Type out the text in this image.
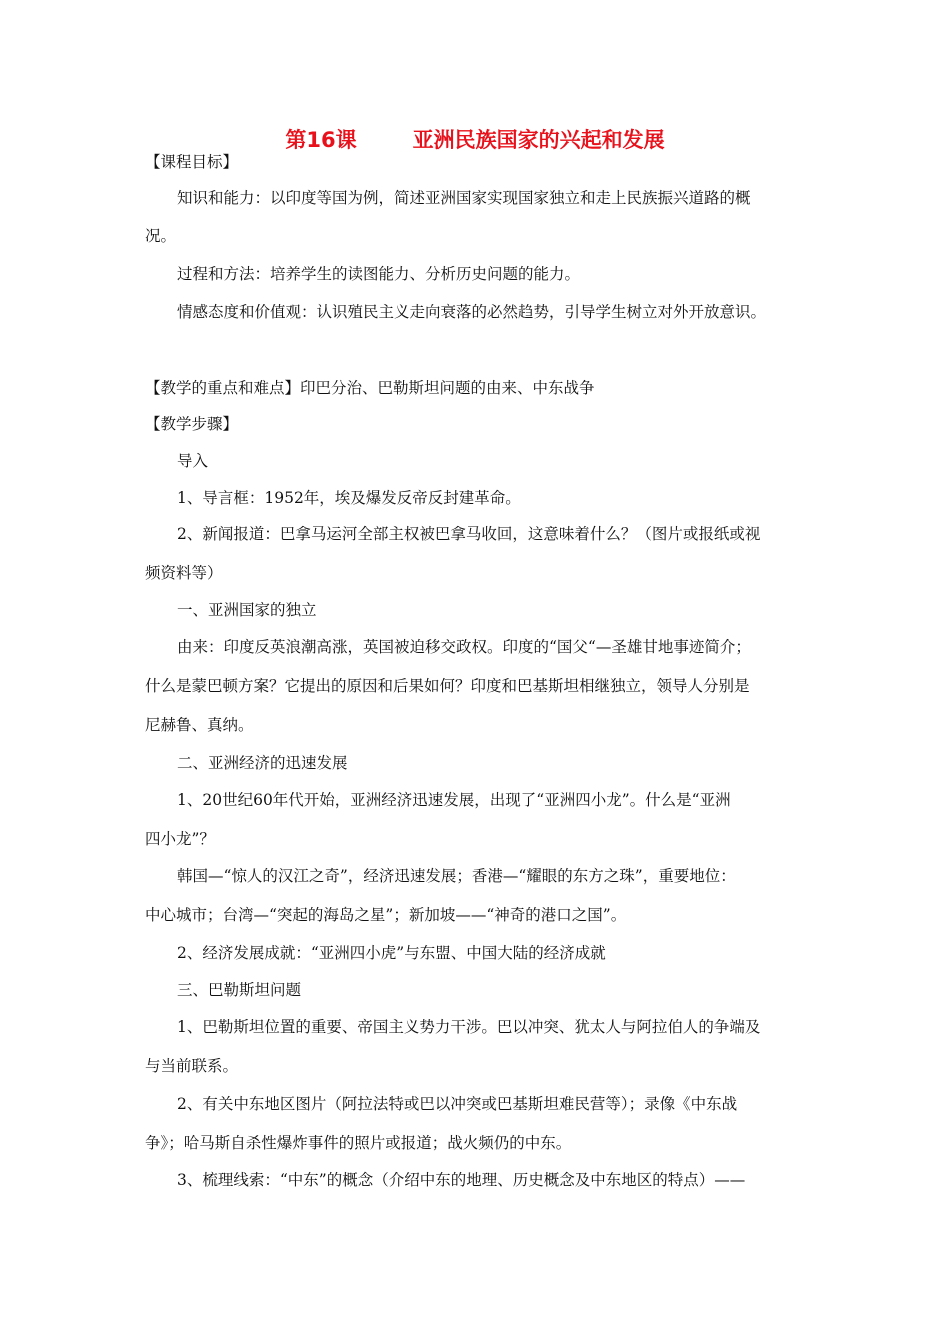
第16课	亚洲民族国家的兴起和发展
【课程目标】
知识和能力：以印度等国为例，简述亚洲国家实现国家独立和走上民族振兴道路的概
况。
过程和方法：培养学生的读图能力、分析历史问题的能力。
情感态度和价值观：认识殖民主义走向衰落的必然趋势，引导学生树立对外开放意识。
【教学的重点和难点】印巴分治、巴勒斯坦问题的由来、中东战争
【教学步骤】
导入
1、导言框：1952年，埃及爆发反帝反封建革命。
2、新闻报道：巴拿马运河全部主权被巴拿马收回，这意味着什么？（图片或报纸或视
频资料等）
一、亚洲国家的独立
由来：印度反英浪潮高涨，英国被迫移交政权。印度的“国父“—圣雄甘地事迹简介；
什么是蒙巴顿方案？它提出的原因和后果如何？印度和巴基斯坦相继独立，领导人分别是
尼赫鲁、真纳。
二、亚洲经济的迅速发展
1、20世纪60年代开始，亚洲经济迅速发展，出现了“亚洲四小龙”。什么是“亚洲
四小龙”？
韩国—“惊人的汉江之奇”，经济迅速发展；香港—“耀眼的东方之珠”，重要地位：
中心城市；台湾—“突起的海岛之星”；新加坡——“神奇的港口之国”。
2、经济发展成就：“亚洲四小虎”与东盟、中国大陆的经济成就
三、巴勒斯坦问题
1、巴勒斯坦位置的重要、帝国主义势力干涉。巴以冲突、犹太人与阿拉伯人的争端及
与当前联系。
2、有关中东地区图片（阿拉法特或巴以冲突或巴基斯坦难民营等）；录像《中东战
争》；哈马斯自杀性爆炸事件的照片或报道；战火频仍的中东。
3、梳理线索：“中东”的概念（介绍中东的地理、历史概念及中东地区的特点）——
